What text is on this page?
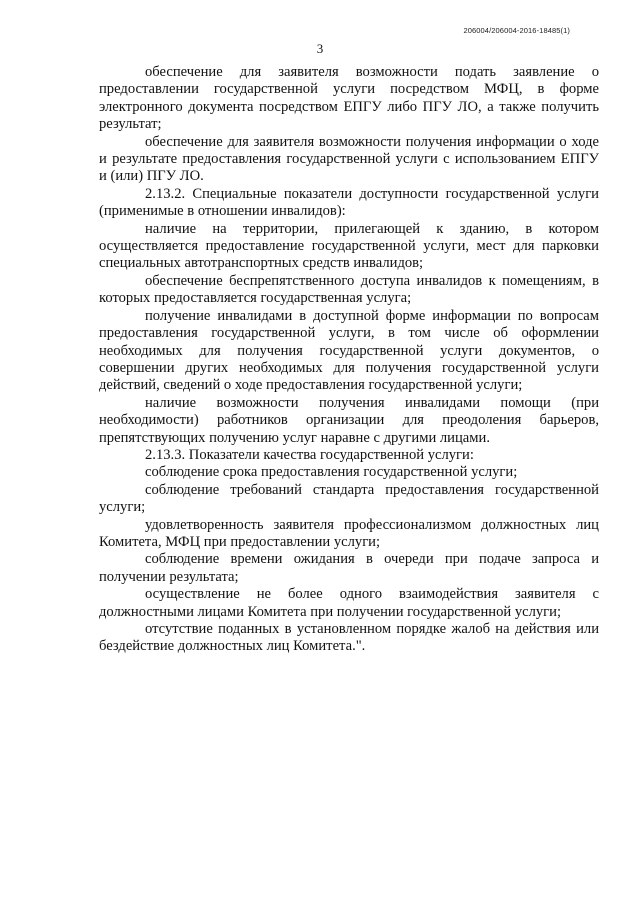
206004/206004-2016-18485(1)
3

обеспечение для заявителя возможности подать заявление о предоставлении государственной услуги посредством МФЦ, в форме электронного документа посредством ЕПГУ либо ПГУ ЛО, а также получить результат;

обеспечение для заявителя возможности получения информации о ходе и результате предоставления государственной услуги с использованием ЕПГУ и (или) ПГУ ЛО.

2.13.2. Специальные показатели доступности государственной услуги (применимые в отношении инвалидов):

наличие на территории, прилегающей к зданию, в котором осуществляется предоставление государственной услуги, мест для парковки специальных автотранспортных средств инвалидов;

обеспечение беспрепятственного доступа инвалидов к помещениям, в которых предоставляется государственная услуга;

получение инвалидами в доступной форме информации по вопросам предоставления государственной услуги, в том числе об оформлении необходимых для получения государственной услуги документов, о совершении других необходимых для получения государственной услуги действий, сведений о ходе предоставления государственной услуги;

наличие возможности получения инвалидами помощи (при необходимости) работников организации для преодоления барьеров, препятствующих получению услуг наравне с другими лицами.

2.13.3. Показатели качества государственной услуги:

соблюдение срока предоставления государственной услуги;

соблюдение требований стандарта предоставления государственной услуги;

удовлетворенность заявителя профессионализмом должностных лиц Комитета, МФЦ при предоставлении услуги;

соблюдение времени ожидания в очереди при подаче запроса и получении результата;

осуществление не более одного взаимодействия заявителя с должностными лицами Комитета при получении государственной услуги;

отсутствие поданных в установленном порядке жалоб на действия или бездействие должностных лиц Комитета.".
